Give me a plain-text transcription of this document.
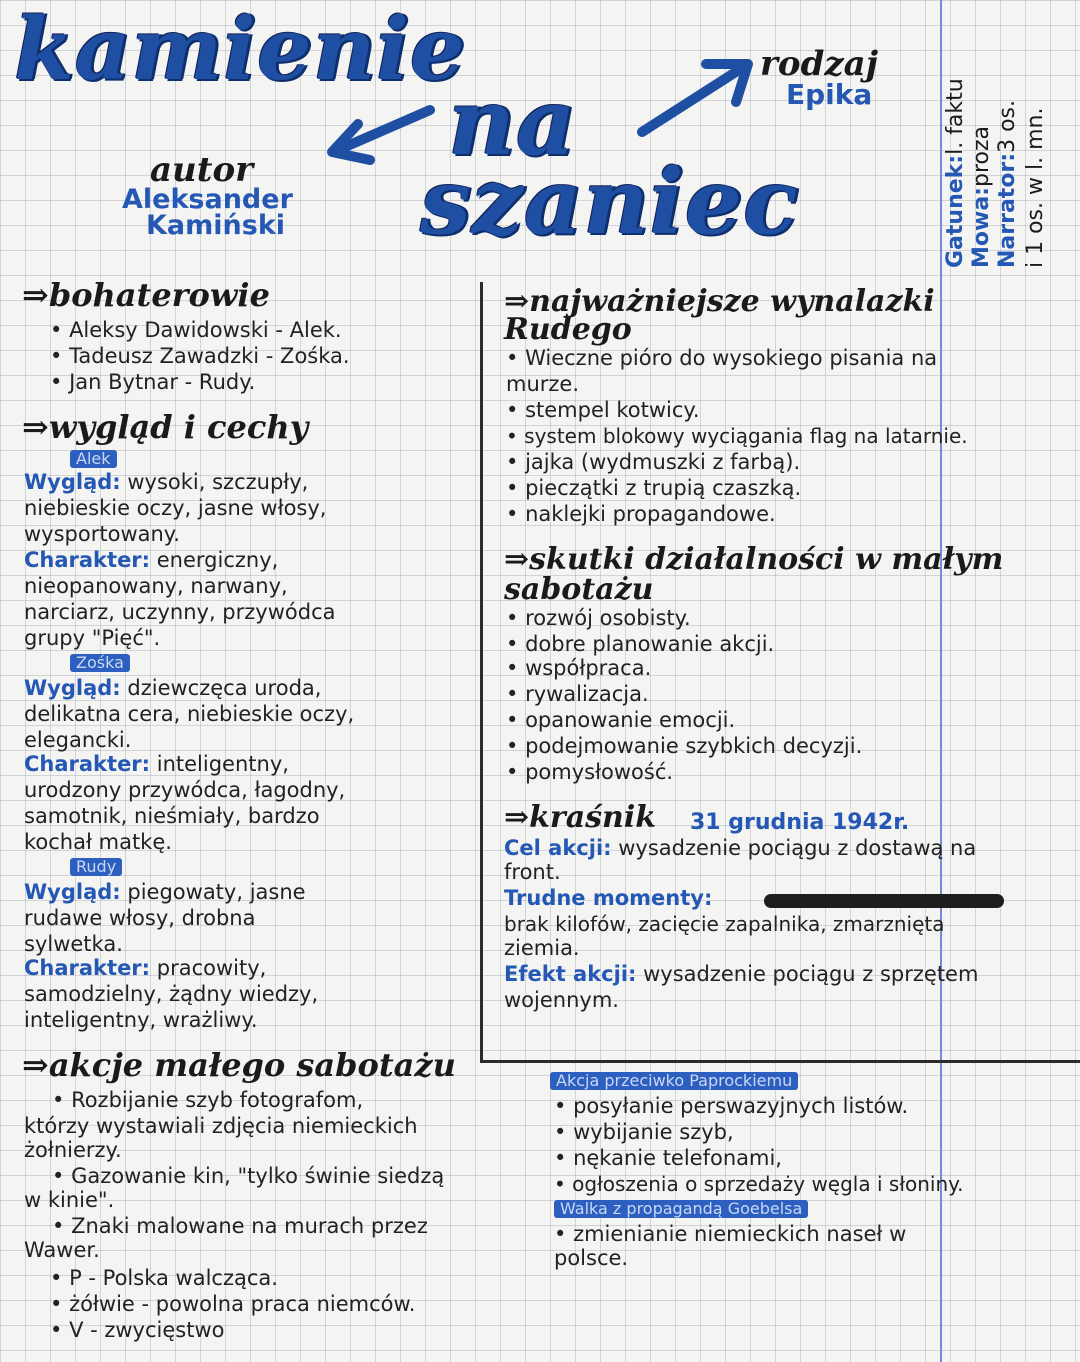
kamienie
na
szaniec
autor
Aleksander
Kamiński
rodzaj
Epika
Gatunek:l. faktu
Mowa:proza Narrator:3 os. i 1 os. w l. mn.
⇒bohaterowie
• Aleksy Dawidowski - Alek.
• Tadeusz Zawadzki - Zośka.
• Jan Bytnar - Rudy.
⇒wygląd i cechy
Alek
Wygląd: wysoki, szczupły,
niebieskie oczy, jasne włosy,
wysportowany.
Charakter: energiczny,
nieopanowany, narwany,
narciarz, uczynny, przywódca
grupy "Pięć".
Zośka
Wygląd: dziewczęca uroda,
delikatna cera, niebieskie oczy,
elegancki.
Charakter: inteligentny,
urodzony przywódca, łagodny,
samotnik, nieśmiały, bardzo
kochał matkę.
Rudy
Wygląd: piegowaty, jasne
rudawe włosy, drobna
sylwetka.
Charakter: pracowity,
samodzielny, żądny wiedzy,
inteligentny, wrażliwy.
⇒akcje małego sabotażu
• Rozbijanie szyb fotografom,
którzy wystawiali zdjęcia niemieckich
żołnierzy.
• Gazowanie kin, "tylko świnie siedzą
w kinie".
• Znaki malowane na murach przez
Wawer.
• P - Polska walcząca.
• żółwie - powolna praca niemców.
• V - zwycięstwo
⇒najważniejsze wynalazki
Rudego
• Wieczne pióro do wysokiego pisania na
murze.
• stempel kotwicy.
• system blokowy wyciągania flag na latarnie.
• jajka (wydmuszki z farbą).
• pieczątki z trupią czaszką.
• naklejki propagandowe.
⇒skutki działalności w małym
sabotażu
• rozwój osobisty.
• dobre planowanie akcji.
• współpraca.
• rywalizacja.
• opanowanie emocji.
• podejmowanie szybkich decyzji.
• pomysłowość.
⇒kraśnik 31 grudnia 1942r.
Cel akcji: wysadzenie pociągu z dostawą na
front.
Trudne momenty:
brak kilofów, zacięcie zapalnika, zmarznięta
ziemia.
Efekt akcji: wysadzenie pociągu z sprzętem
wojennym.
Akcja przeciwko Paprockiemu
• posyłanie perswazyjnych listów.
• wybijanie szyb,
• nękanie telefonami,
• ogłoszenia o sprzedaży węgla i słoniny.
Walka z propagandą Goebelsa
• zmienianie niemieckich naseł w
polsce.
